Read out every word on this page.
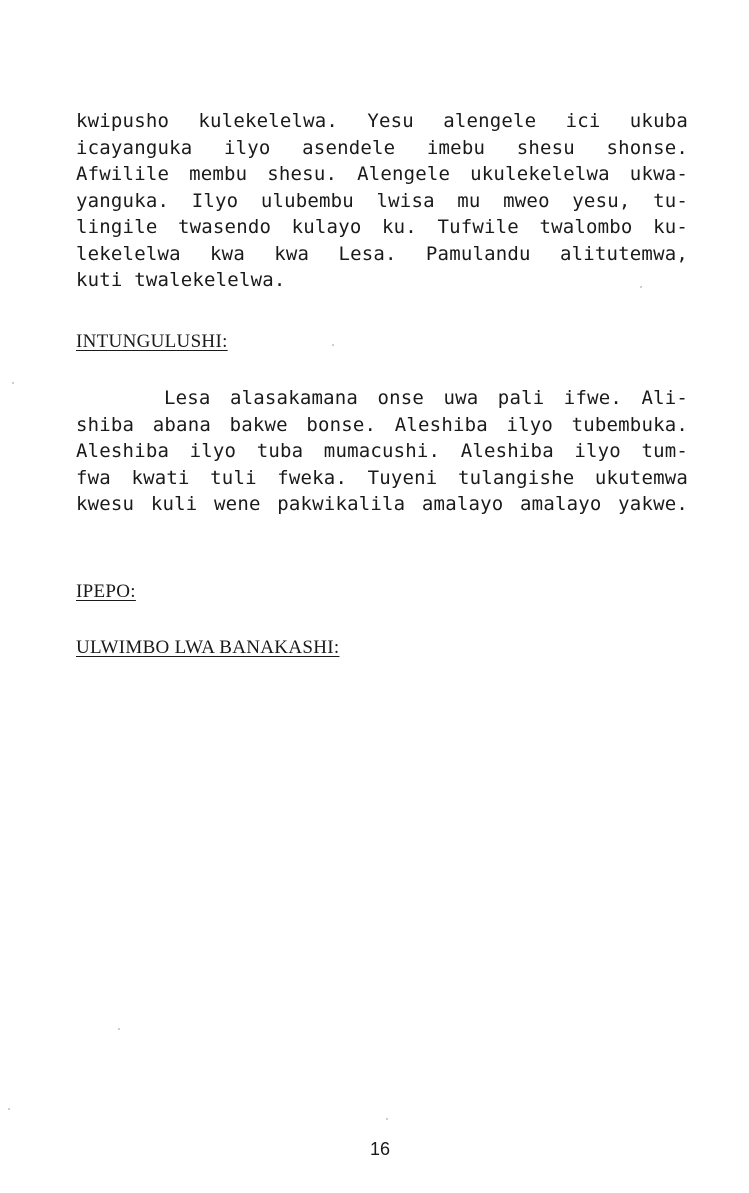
kwipusho kulekelelwa. Yesu alengele ici ukuba
icayanguka ilyo asendele imebu shesu shonse.
Afwilile membu shesu. Alengele ukulekelelwa ukwa-
yanguka. Ilyo ulubembu lwisa mu mweo yesu, tu-
lingile twasendo kulayo ku. Tufwile twalombo ku-
lekelelwa kwa kwa Lesa. Pamulandu alitutemwa,
kuti twalekelelwa.
INTUNGULUSHI:
Lesa alasakamana onse uwa pali ifwe. Ali-
shiba abana bakwe bonse. Aleshiba ilyo tubembuka.
Aleshiba ilyo tuba mumacushi. Aleshiba ilyo tum-
fwa kwati tuli fweka. Tuyeni tulangishe ukutemwa
kwesu kuli wene pakwikalila amalayo amalayo yakwe.
IPEPO:
ULWIMBO LWA BANAKASHI:
16
